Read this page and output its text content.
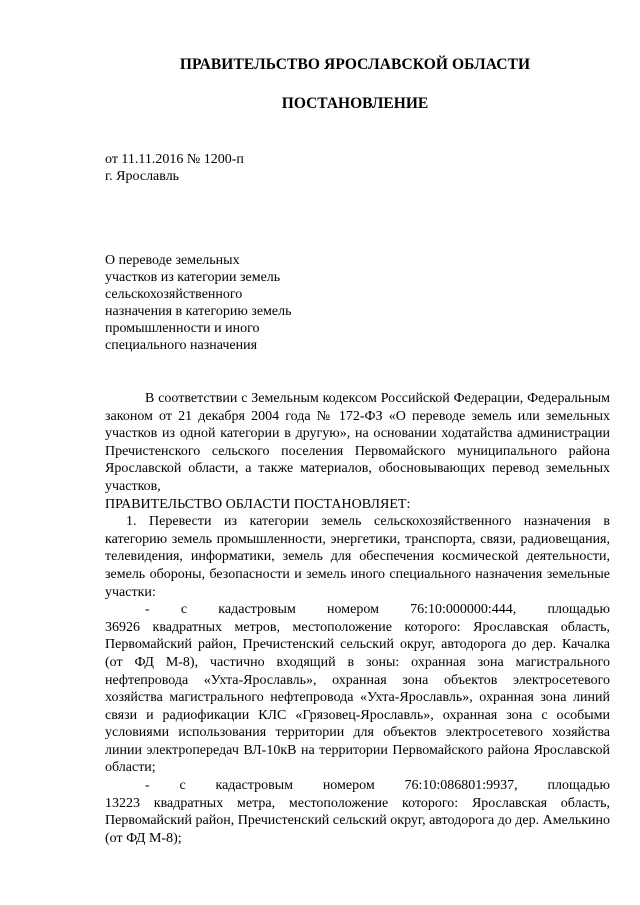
ПРАВИТЕЛЬСТВО ЯРОСЛАВСКОЙ ОБЛАСТИ
ПОСТАНОВЛЕНИЕ
от 11.11.2016 № 1200-п
г. Ярославль
О переводе земельных
участков из категории земель
сельскохозяйственного
назначения в категорию земель
промышленности и иного
специального назначения

В соответствии с Земельным кодексом Российской Федерации, Федеральным законом от 21 декабря 2004 года № 172-ФЗ «О переводе земель или земельных участков из одной категории в другую», на основании ходатайства администрации Пречистенского сельского поселения Первомайского муниципального района Ярославской области, а также материалов, обосновывающих перевод земельных участков,

ПРАВИТЕЛЬСТВО ОБЛАСТИ ПОСТАНОВЛЯЕТ:

1. Перевести из категории земель сельскохозяйственного назначения в категорию земель промышленности, энергетики, транспорта, связи, радиовещания, телевидения, информатики, земель для обеспечения космической деятельности, земель обороны, безопасности и земель иного специального назначения земельные участки:

- с кадастровым номером 76:10:000000:444, площадью

36926 квадратных метров, местоположение которого: Ярославская область, Первомайский район, Пречистенский сельский округ, автодорога до дер. Качалка (от ФД М-8), частично входящий в зоны: охранная зона магистрального нефтепровода «Ухта-Ярославль», охранная зона объектов электросетевого хозяйства магистрального нефтепровода «Ухта-Ярославль», охранная зона линий связи и радиофикации КЛС «Грязовец-Ярославль», охранная зона с особыми условиями использования территории для объектов электросетевого хозяйства линии электропередач ВЛ-10кВ на территории Первомайского района Ярославской области;

- с кадастровым номером 76:10:086801:9937, площадью

13223 квадратных метра, местоположение которого: Ярославская область, Первомайский район, Пречистенский сельский округ, автодорога до дер. Амелькино (от ФД М-8);
